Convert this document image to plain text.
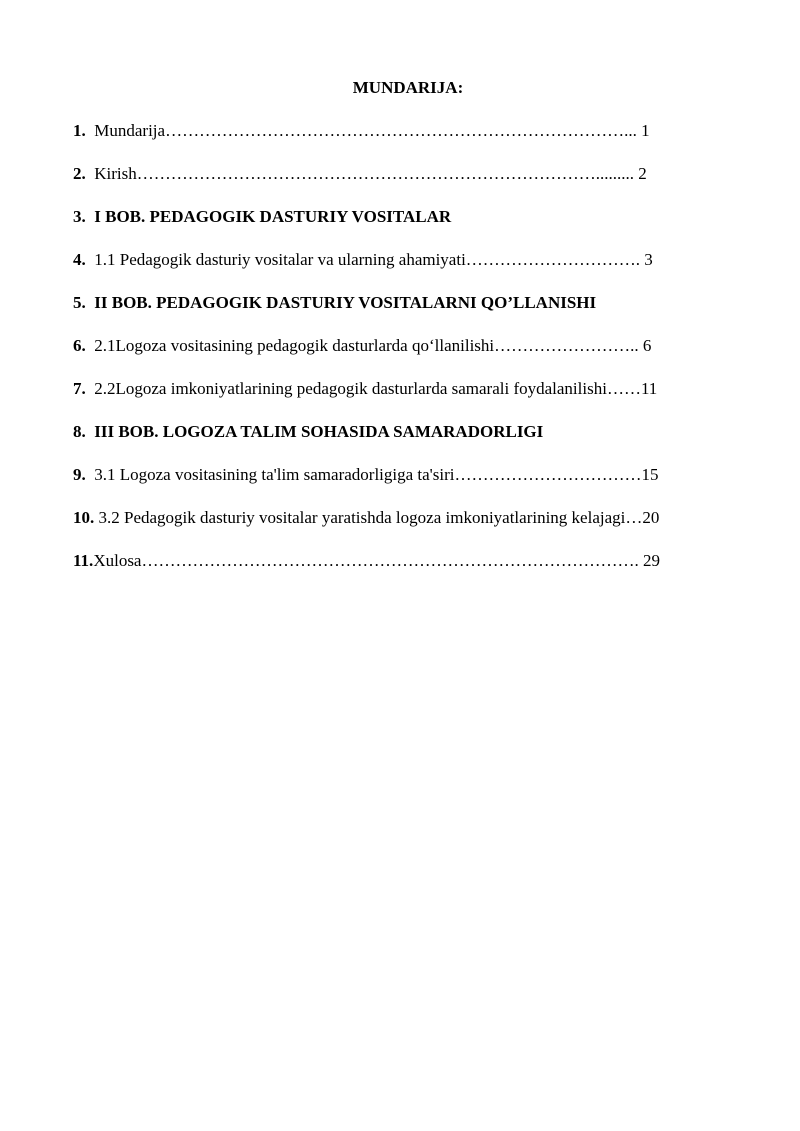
MUNDARIJA:
1. Mundarija………………………………………………………………………... 1
2. Kirish………………………………………………………………………......... 2
3. I BOB. PEDAGOGIK DASTURIY VOSITALAR
4. 1.1 Pedagogik dasturiy vositalar va ularning ahamiyati…………………………. 3
5. II BOB. PEDAGOGIK DASTURIY VOSITALARNI QO’LLANISHI
6. 2.1Logoza vositasining pedagogik dasturlarda qo‘llanilishi…………………….. 6
7. 2.2Logoza imkoniyatlarining pedagogik dasturlarda samarali foydalanilishi……11
8. III BOB. LOGOZA TALIM SOHASIDA SAMARADORLIGI
9. 3.1 Logoza vositasining ta'lim samaradorligiga ta'siri……………………………15
10. 3.2 Pedagogik dasturiy vositalar yaratishda logoza imkoniyatlarining kelajagi…20
11.Xulosa……………………………………………………………………………. 29
